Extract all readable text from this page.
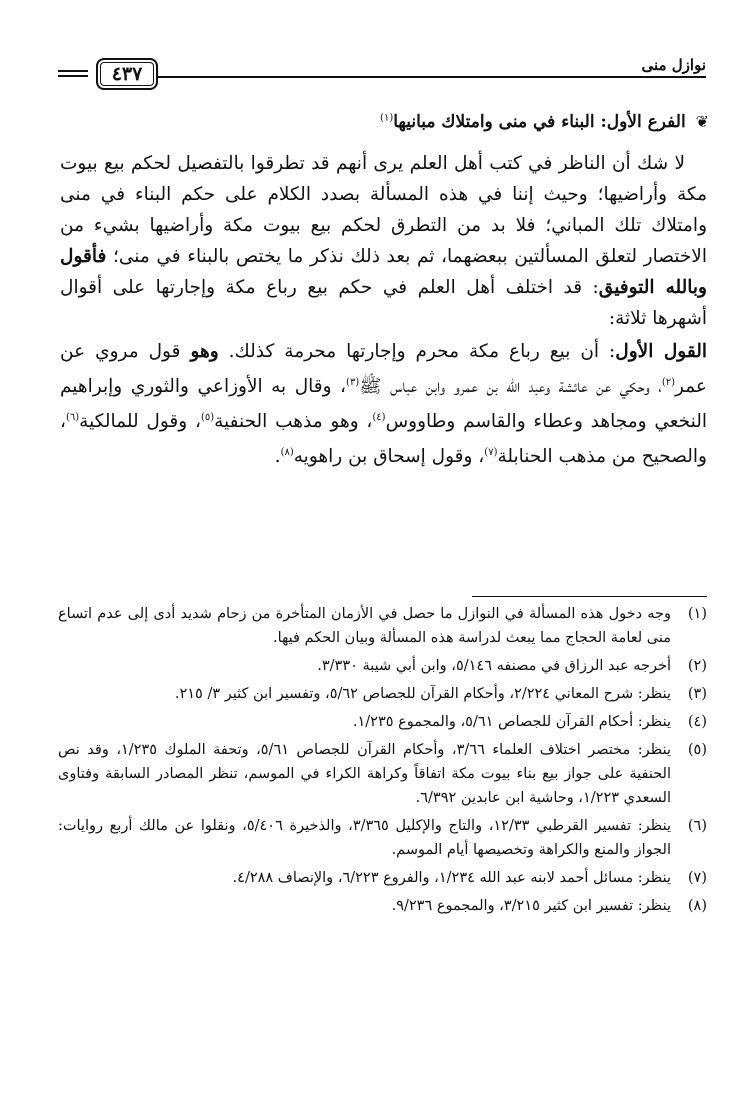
نوازل منى
٤٣٧
❦ الفرع الأول: البناء في منى وامتلاك مبانيها$^{(١)}$

لا شك أن الناظر في كتب أهل العلم يرى أنهم قد تطرقوا بالتفصيل لحكم بيع بيوت مكة وأراضيها؛ وحيث إننا في هذه المسألة بصدد الكلام على حكم البناء في منى وامتلاك تلك المباني؛ فلا بد من التطرق لحكم بيع بيوت مكة وأراضيها بشيء من الاختصار لتعلق المسألتين ببعضهما، ثم بعد ذلك نذكر ما يختص بالبناء في منى؛ فأقول وبالله التوفيق: قد اختلف أهل العلم في حكم بيع رباع مكة وإجارتها على أقوال أشهرها ثلاثة:

القول الأول: أن بيع رباع مكة محرم وإجارتها محرمة كذلك. وهو قول مروي عن عمر$^{(٢)}$، وحكي عن عائشة وعبد الله بن عمرو وابن عباس ﷺ$^{(٣)}$، وقال به الأوزاعي والثوري وإبراهيم النخعي ومجاهد وعطاء والقاسم وطاووس$^{(٤)}$، وهو مذهب الحنفية$^{(٥)}$، وقول للمالكية$^{(٦)}$، والصحيح من مذهب الحنابلة$^{(٧)}$، وقول إسحاق بن راهويه$^{(٨)}$.

(١)
وجه دخول هذه المسألة في النوازل ما حصل في الأزمان المتأخرة من زحام شديد أدى إلى عدم اتساع منى لعامة الحجاج مما يبعث لدراسة هذه المسألة وبيان الحكم فيها.
(٢)
أخرجه عبد الرزاق في مصنفه ٥/١٤٦، وابن أبي شيبة ٣/٣٣٠.
(٣)
ينظر: شرح المعاني ٢/٢٢٤، وأحكام القرآن للجصاص ٥/٦٢، وتفسير ابن كثير ٣/ ٢١٥.
(٤)
ينظر: أحكام القرآن للجصاص ٥/٦١، والمجموع ١/٢٣٥.
(٥)
ينظر: مختصر اختلاف العلماء ٣/٦٦، وأحكام القرآن للجصاص ٥/٦١، وتحفة الملوك ١/٢٣٥، وقد نص الحنفية على جواز بيع بناء بيوت مكة اتفاقاً وكراهة الكراء في الموسم، تنظر المصادر السابقة وفتاوى السعدي ١/٢٢٣، وحاشية ابن عابدين ٦/٣٩٢.
(٦)
ينظر: تفسير القرطبي ١٢/٣٣، والتاج والإكليل ٣/٣٦٥، والذخيرة ٥/٤٠٦، ونقلوا عن مالك أربع روايات: الجواز والمنع والكراهة وتخصيصها أيام الموسم.
(٧)
ينظر: مسائل أحمد لابنه عبد الله ١/٢٣٤، والفروع ٦/٢٢٣، والإنصاف ٤/٢٨٨.
(٨)
ينظر: تفسير ابن كثير ٣/٢١٥، والمجموع ٩/٢٣٦.
